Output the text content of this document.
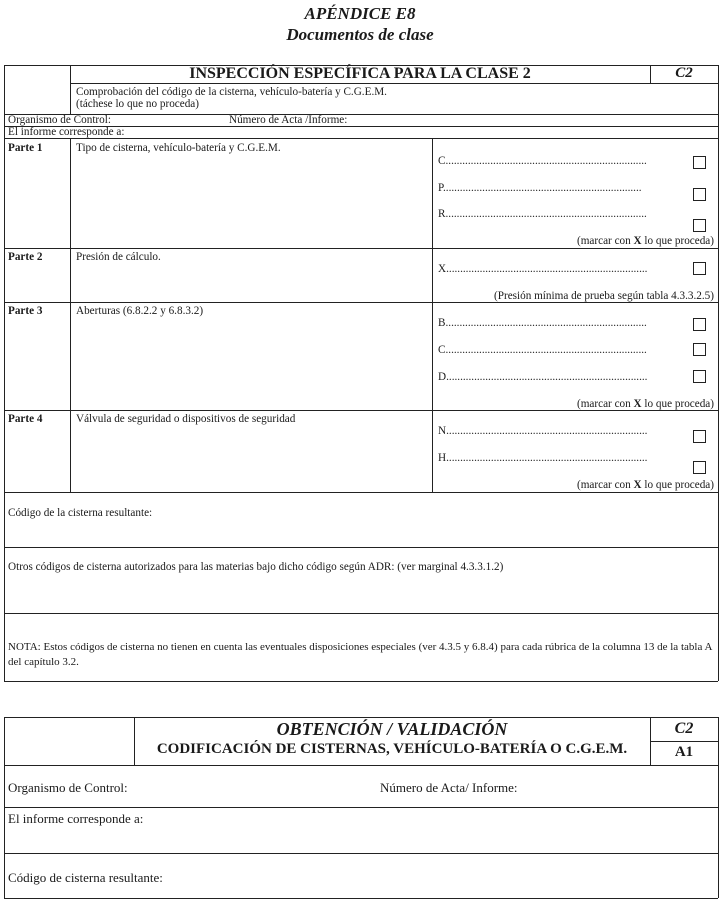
APÉNDICE E8
Documentos de clase
INSPECCIÓN ESPECÍFICA PARA LA CLASE 2	C2
Comprobación del código de la cisterna, vehículo-batería y C.G.E.M.
(táchese lo que no proceda)
Organismo de Control:	Número de Acta /Informe:
El informe corresponde a:
Parte 1	Tipo de cisterna, vehículo-batería y C.G.E.M.
C........................................................................
P.......................................................................
R........................................................................
(marcar con X lo que proceda)
Parte 2	Presión de cálculo.
X........................................................................
(Presión mínima de prueba según tabla 4.3.3.2.5)
Parte 3	Aberturas (6.8.2.2 y 6.8.3.2)
B........................................................................
C........................................................................
D........................................................................
(marcar con X lo que proceda)
Parte 4	Válvula de seguridad o dispositivos de seguridad
N........................................................................
H........................................................................
(marcar con X lo que proceda)
Código de la cisterna resultante:
Otros códigos de cisterna autorizados para las materias bajo dicho código según ADR: (ver marginal 4.3.3.1.2)
NOTA: Estos códigos de cisterna no tienen en cuenta las eventuales disposiciones especiales (ver 4.3.5 y 6.8.4) para cada rúbrica de la columna 13 de la tabla A del capítulo 3.2.
OBTENCIÓN / VALIDACIÓN
CODIFICACIÓN DE CISTERNAS, VEHÍCULO-BATERÍA O C.G.E.M.
C2
A1
Organismo de Control:	Número de Acta/ Informe:
El informe corresponde a:
Código de cisterna resultante:
